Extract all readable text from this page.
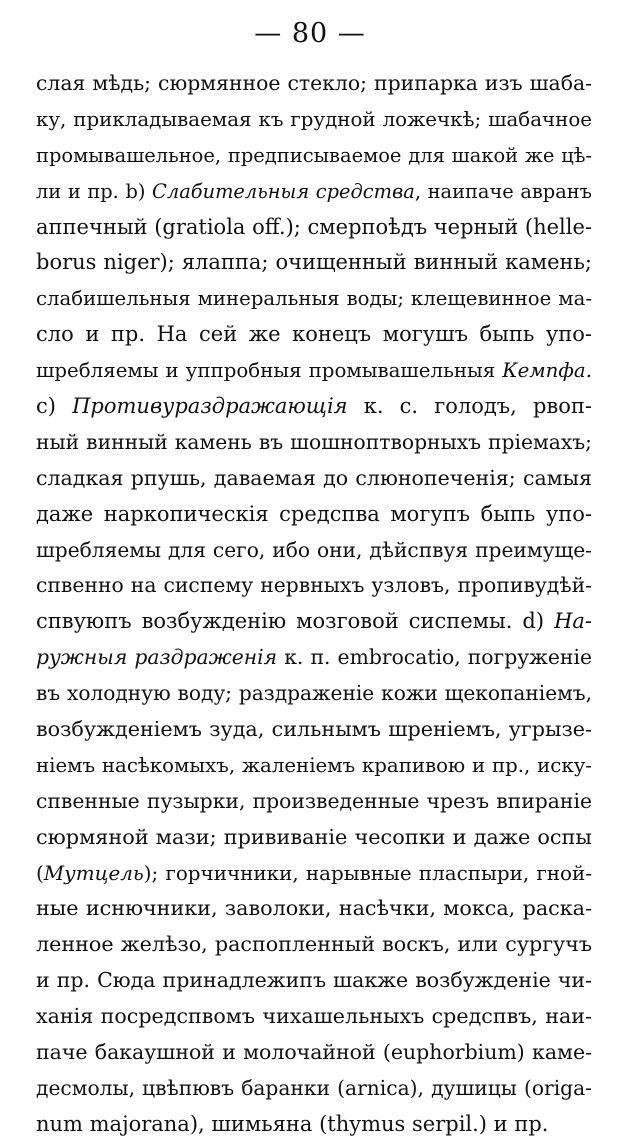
— 80 —
слая мѣдь; сюрмянное стекло; припарка изъ шаба-
ку, прикладываемая къ грудной ложечкѣ; шабачное
промывашельное, предписываемое для шакой же цѣ-
ли и пр. b) Слабительныя средства, наипаче авранъ
аппечный (gratiola off.); смерпоѣдъ черный (helle-
borus niger); ялаппа; очищенный винный камень;
слабишельныя минеральныя воды; клещевинное ма-
сло и пр. На сей же конецъ могушъ быпь упо-
шребляемы и уппробныя промывашельныя Кемпфа.
c) Противураздражающія к. с. голодъ, рвоп-
ный винный камень въ шошноптворныхъ пріемахъ;
сладкая рпушь, даваемая до слюнопеченія; самыя
даже наркопическія средспва могупъ быпь упо-
шребляемы для сего, ибо они, дѣйспвуя преимуще-
спвенно на сиспему нервныхъ узловъ, пропивудѣй-
спвуюпъ возбужденію мозговой сиспемы. d) На-
ружныя раздраженія к. п. embrocatio, погруженіе
въ холодную воду; раздраженіе кожи щекопаніемъ,
возбужденіемъ зуда, сильнымъ шреніемъ, угрызе-
ніемъ насѣкомыхъ, жаленіемъ крапивою и пр., иску-
спвенные пузырки, произведенные чрезъ впираніе
сюрмяной мази; прививаніе чесопки и даже оспы
(Мутцель); горчичники, нарывные пласпыри, гной-
ные иснючники, заволоки, насѣчки, мокса, раска-
ленное желѣзо, распопленный воскъ, или сургучъ
и пр. Сюда принадлежипъ шакже возбужденіе чи-
ханія посредспвомъ чихашельныхъ средспвъ, наи-
паче бакаушной и молочайной (euphorbium) каме-
десмолы, цвѣпювъ баранки (arnica), душицы (origa-
num majorana), шимьяна (thymus serpil.) и пр.
